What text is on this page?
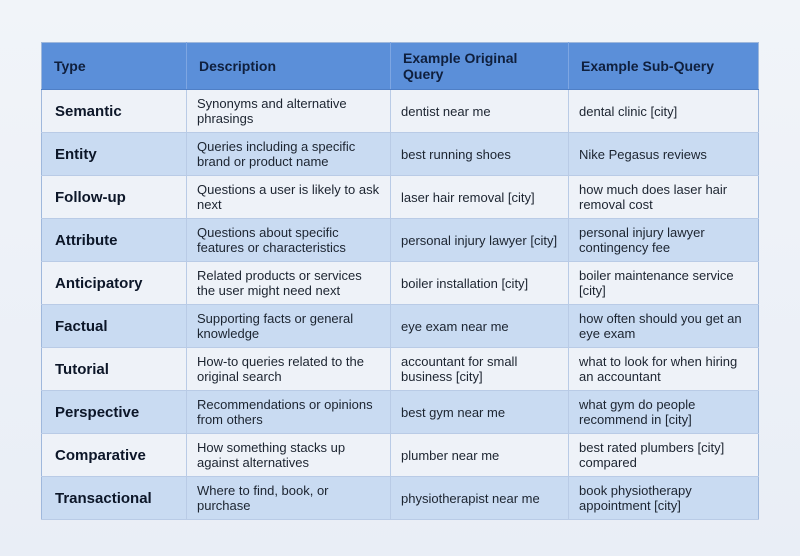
Type	Description	Example Original Query	Example Sub-Query
Semantic	Synonyms and alternative phrasings	dentist near me	dental clinic [city]
Entity	Queries including a specific brand or product name	best running shoes	Nike Pegasus reviews
Follow-up	Questions a user is likely to ask next	laser hair removal [city]	how much does laser hair removal cost
Attribute	Questions about specific features or characteristics	personal injury lawyer [city]	personal injury lawyer contingency fee
Anticipatory	Related products or services the user might need next	boiler installation [city]	boiler maintenance service [city]
Factual	Supporting facts or general knowledge	eye exam near me	how often should you get an eye exam
Tutorial	How-to queries related to the original search	accountant for small business [city]	what to look for when hiring an accountant
Perspective	Recommendations or opinions from others	best gym near me	what gym do people recommend in [city]
Comparative	How something stacks up against alternatives	plumber near me	best rated plumbers [city] compared
Transactional	Where to find, book, or purchase	physiotherapist near me	book physiotherapy appointment [city]
